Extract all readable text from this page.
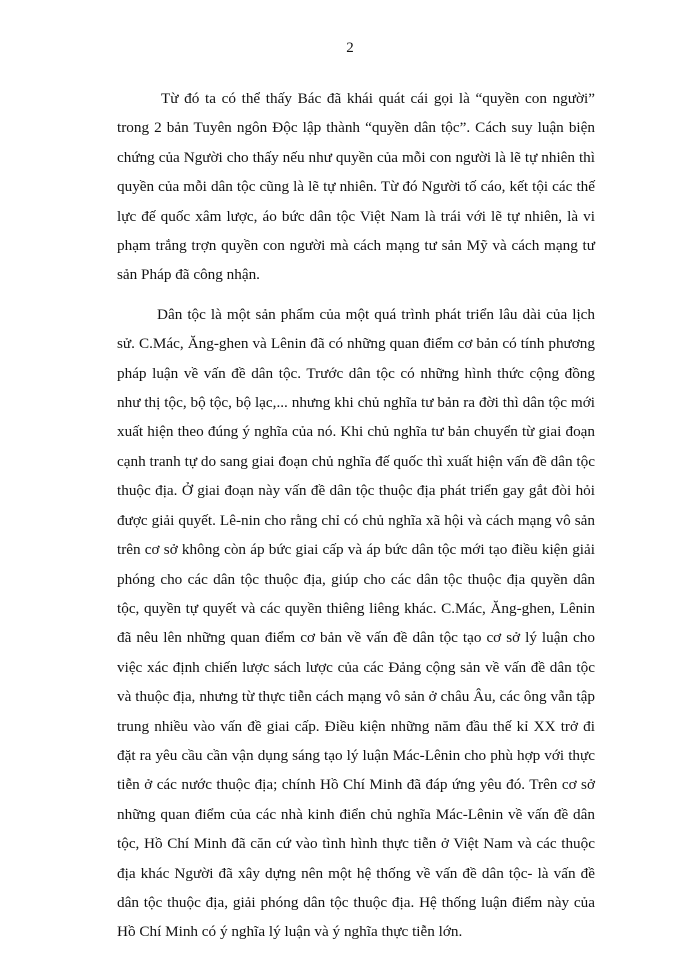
2

Từ đó ta có thể thấy Bác đã khái quát cái gọi là “quyền con người” trong 2 bản Tuyên ngôn Độc lập thành “quyền dân tộc”. Cách suy luận biện chứng của Người cho thấy nếu như quyền của mỗi con người là lẽ tự nhiên thì quyền của mỗi dân tộc cũng là lẽ tự nhiên. Từ đó Người tố cáo, kết tội các thế lực đế quốc xâm lược, áo bức dân tộc Việt Nam là trái với lẽ tự nhiên, là vi phạm trắng trợn quyền con người mà cách mạng tư sản Mỹ và cách mạng tư sản Pháp đã công nhận.

Dân tộc là một sản phẩm của một quá trình phát triển lâu dài của lịch sử. C.Mác, Ăng-ghen và Lênin đã có những quan điểm cơ bản có tính phương pháp luận về vấn đề dân tộc. Trước dân tộc có những hình thức cộng đồng như thị tộc, bộ tộc, bộ lạc,... nhưng khi chủ nghĩa tư bản ra đời thì dân tộc mới xuất hiện theo đúng ý nghĩa của nó. Khi chủ nghĩa tư bản chuyển từ giai đoạn cạnh tranh tự do sang giai đoạn chủ nghĩa đế quốc thì xuất hiện vấn đề dân tộc thuộc địa. Ở giai đoạn này vấn đề dân tộc thuộc địa phát triển gay gắt đòi hỏi được giải quyết. Lê-nin cho rằng chỉ có chủ nghĩa xã hội và cách mạng vô sản trên cơ sở không còn áp bức giai cấp và áp bức dân tộc mới tạo điều kiện giải phóng cho các dân tộc thuộc địa, giúp cho các dân tộc thuộc địa quyền dân tộc, quyền tự quyết và các quyền thiêng liêng khác. C.Mác, Ăng-ghen, Lênin đã nêu lên những quan điểm cơ bản về vấn đề dân tộc tạo cơ sở lý luận cho việc xác định chiến lược sách lược của các Đảng cộng sản về vấn đề dân tộc và thuộc địa, nhưng từ thực tiễn cách mạng vô sản ở châu Âu, các ông vẫn tập trung nhiều vào vấn đề giai cấp. Điều kiện những năm đầu thế kỉ XX trở đi đặt ra yêu cầu cần vận dụng sáng tạo lý luận Mác-Lênin cho phù hợp với thực tiễn ở các nước thuộc địa; chính Hồ Chí Minh đã đáp ứng yêu đó. Trên cơ sở những quan điểm của các nhà kinh điển chủ nghĩa Mác-Lênin về vấn đề dân tộc, Hồ Chí Minh đã căn cứ vào tình hình thực tiễn ở Việt Nam và các thuộc địa khác Người đã xây dựng nên một hệ thống về vấn đề dân tộc- là vấn đề dân tộc thuộc địa, giải phóng dân tộc thuộc địa. Hệ thống luận điểm này của Hồ Chí Minh có ý nghĩa lý luận và ý nghĩa thực tiễn lớn.
